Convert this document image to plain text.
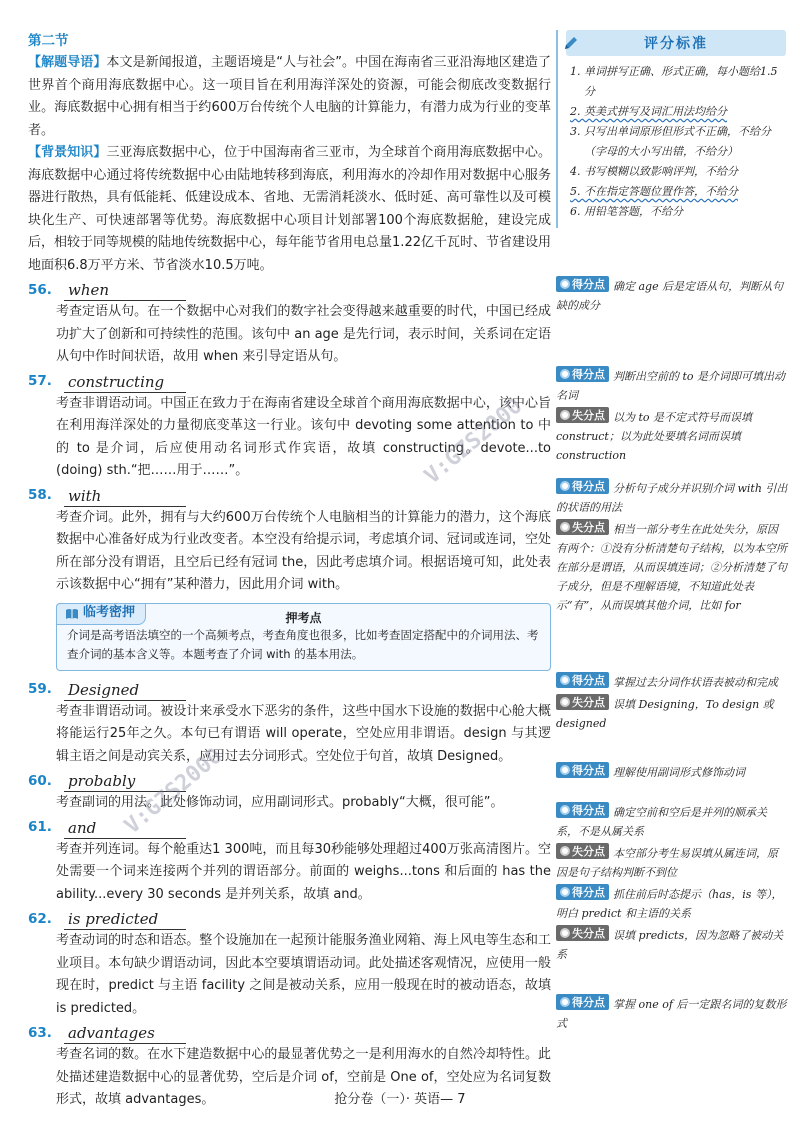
第二节

【解题导语】本文是新闻报道，主题语境是“人与社会”。中国在海南省三亚沿海地区建造了世界首个商用海底数据中心。这一项目旨在利用海洋深处的资源，可能会彻底改变数据行业。海底数据中心拥有相当于约600万台传统个人电脑的计算能力，有潜力成为行业的变革者。

【背景知识】三亚海底数据中心，位于中国海南省三亚市，为全球首个商用海底数据中心。海底数据中心通过将传统数据中心由陆地转移到海底，利用海水的冷却作用对数据中心服务器进行散热，具有低能耗、低建设成本、省地、无需消耗淡水、低时延、高可靠性以及可模块化生产、可快速部署等优势。海底数据中心项目计划部署100个海底数据舱，建设完成后，相较于同等规模的陆地传统数据中心，每年能节省用电总量1.22亿千瓦时、节省建设用地面积6.8万平方米、节省淡水10.5万吨。

56.	when

考查定语从句。在一个数据中心对我们的数字社会变得越来越重要的时代，中国已经成功扩大了创新和可持续性的范围。该句中 an age 是先行词，表示时间，关系词在定语从句中作时间状语，故用 when 来引导定语从句。

57.	constructing

考查非谓语动词。中国正在致力于在海南省建设全球首个商用海底数据中心，该中心旨在利用海洋深处的力量彻底变革这一行业。该句中 devoting some attention to 中的 to 是介词，后应使用动名词形式作宾语，故填 constructing。devote...to (doing) sth.“把……用于……”。

58.	with

考查介词。此外，拥有与大约600万台传统个人电脑相当的计算能力的潜力，这个海底数据中心准备好成为行业改变者。本空没有给提示词，考虑填介词、冠词或连词，空处所在部分没有谓语，且空后已经有冠词 the，因此考虑填介词。根据语境可知，此处表示该数据中心“拥有”某种潜力，因此用介词 with。

临考密押	押考点

介词是高考语法填空的一个高频考点，考查角度也很多，比如考查固定搭配中的介词用法、考查介词的基本含义等。本题考查了介词 with 的基本用法。

59.	Designed

考查非谓语动词。被设计来承受水下恶劣的条件，这些中国水下设施的数据中心舱大概将能运行25年之久。本句已有谓语 will operate，空处应用非谓语。design 与其逻辑主语之间是动宾关系，应用过去分词形式。空处位于句首，故填 Designed。

60.	probably

考查副词的用法。此处修饰动词，应用副词形式。probably“大概，很可能”。

61.	and

考查并列连词。每个舱重达1 300吨，而且每30秒能够处理超过400万张高清图片。空处需要一个词来连接两个并列的谓语部分。前面的 weighs...tons 和后面的 has the ability...every 30 seconds 是并列关系，故填 and。

62.	is predicted

考查动词的时态和语态。整个设施加在一起预计能服务渔业网箱、海上风电等生态和工业项目。本句缺少谓语动词，因此本空要填谓语动词。此处描述客观情况，应使用一般现在时，predict 与主语 facility 之间是被动关系，应用一般现在时的被动语态，故填 is predicted。

63.	advantages

考查名词的数。在水下建造数据中心的最显著优势之一是利用海水的自然冷却特性。此处描述建造数据中心的显著优势，空后是介词 of，空前是 One of，空处应为名词复数形式，故填 advantages。

评分标准
1. 单词拼写正确、形式正确，每小题给1.5分
2. 英美式拼写及词汇用法均给分
3. 只写出单词原形但形式不正确，不给分（字母的大小写出错，不给分）
4. 书写模糊以致影响评判，不给分
5. 不在指定答题位置作答，不给分
6. 用铅笔答题，不给分

得分点 确定 age 后是定语从句，判断从句缺的成分

得分点 判断出空前的 to 是介词即可填出动名词

失分点 以为 to 是不定式符号而误填 construct；以为此处要填名词而误填 construction

得分点 分析句子成分并识别介词 with 引出的状语的用法

失分点 相当一部分考生在此处失分，原因有两个：①没有分析清楚句子结构，以为本空所在部分是谓语，从而误填连词；②分析清楚了句子成分，但是不理解语境，不知道此处表示“有”，从而误填其他介词，比如 for

得分点 掌握过去分词作状语表被动和完成

失分点 误填 Designing，To design 或 designed

得分点 理解使用副词形式修饰动词

得分点 确定空前和空后是并列的顺承关系，不是从属关系

失分点 本空部分考生易误填从属连词，原因是句子结构判断不到位

得分点 抓住前后时态提示（has，is 等），明白 predict 和主语的关系

失分点 误填 predicts，因为忽略了被动关系

得分点 掌握 one of 后一定跟名词的复数形式

V:GZS2000
V:GZS2000
抢分卷（一）· 英语— 7
